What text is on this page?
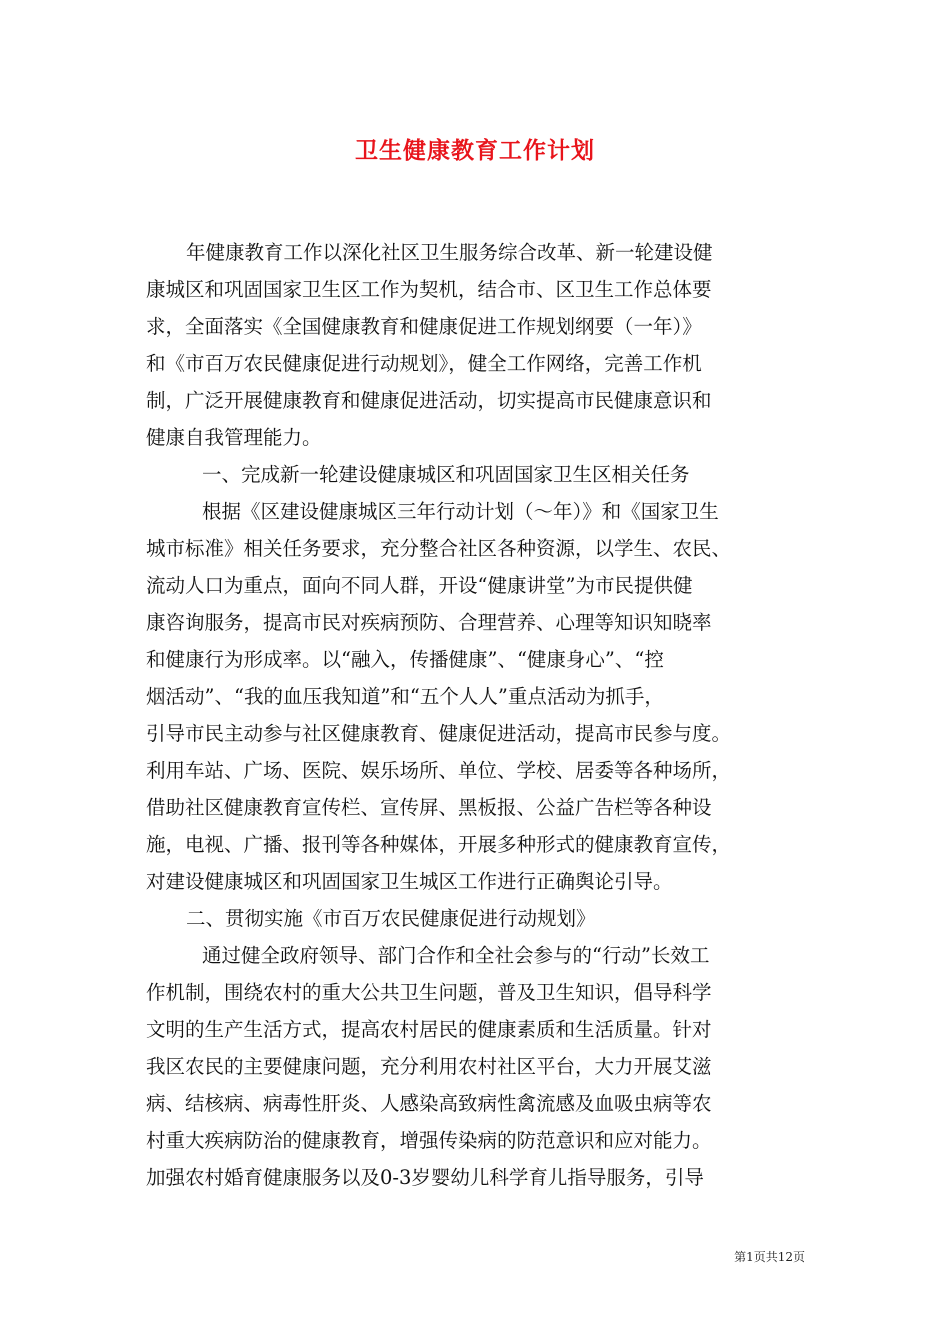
卫生健康教育工作计划
年健康教育工作以深化社区卫生服务综合改革、新一轮建设健
康城区和巩固国家卫生区工作为契机，结合市、区卫生工作总体要
求，全面落实《全国健康教育和健康促进工作规划纲要（一年）》
和《市百万农民健康促进行动规划》，健全工作网络，完善工作机
制，广泛开展健康教育和健康促进活动，切实提高市民健康意识和
健康自我管理能力。
一、完成新一轮建设健康城区和巩固国家卫生区相关任务
根据《区建设健康城区三年行动计划（～年）》和《国家卫生
城市标准》相关任务要求，充分整合社区各种资源，以学生、农民、
流动人口为重点，面向不同人群，开设“健康讲堂”为市民提供健
康咨询服务，提高市民对疾病预防、合理营养、心理等知识知晓率
和健康行为形成率。以“融入，传播健康”、“健康身心”、“控
烟活动”、“我的血压我知道”和“五个人人”重点活动为抓手，
引导市民主动参与社区健康教育、健康促进活动，提高市民参与度。
利用车站、广场、医院、娱乐场所、单位、学校、居委等各种场所，
借助社区健康教育宣传栏、宣传屏、黑板报、公益广告栏等各种设
施，电视、广播、报刊等各种媒体，开展多种形式的健康教育宣传，
对建设健康城区和巩固国家卫生城区工作进行正确舆论引导。
二、贯彻实施《市百万农民健康促进行动规划》
通过健全政府领导、部门合作和全社会参与的“行动”长效工
作机制，围绕农村的重大公共卫生问题，普及卫生知识，倡导科学
文明的生产生活方式，提高农村居民的健康素质和生活质量。针对
我区农民的主要健康问题，充分利用农村社区平台，大力开展艾滋
病、结核病、病毒性肝炎、人感染高致病性禽流感及血吸虫病等农
村重大疾病防治的健康教育，增强传染病的防范意识和应对能力。
加强农村婚育健康服务以及0-3岁婴幼儿科学育儿指导服务，引导
第1页共12页
